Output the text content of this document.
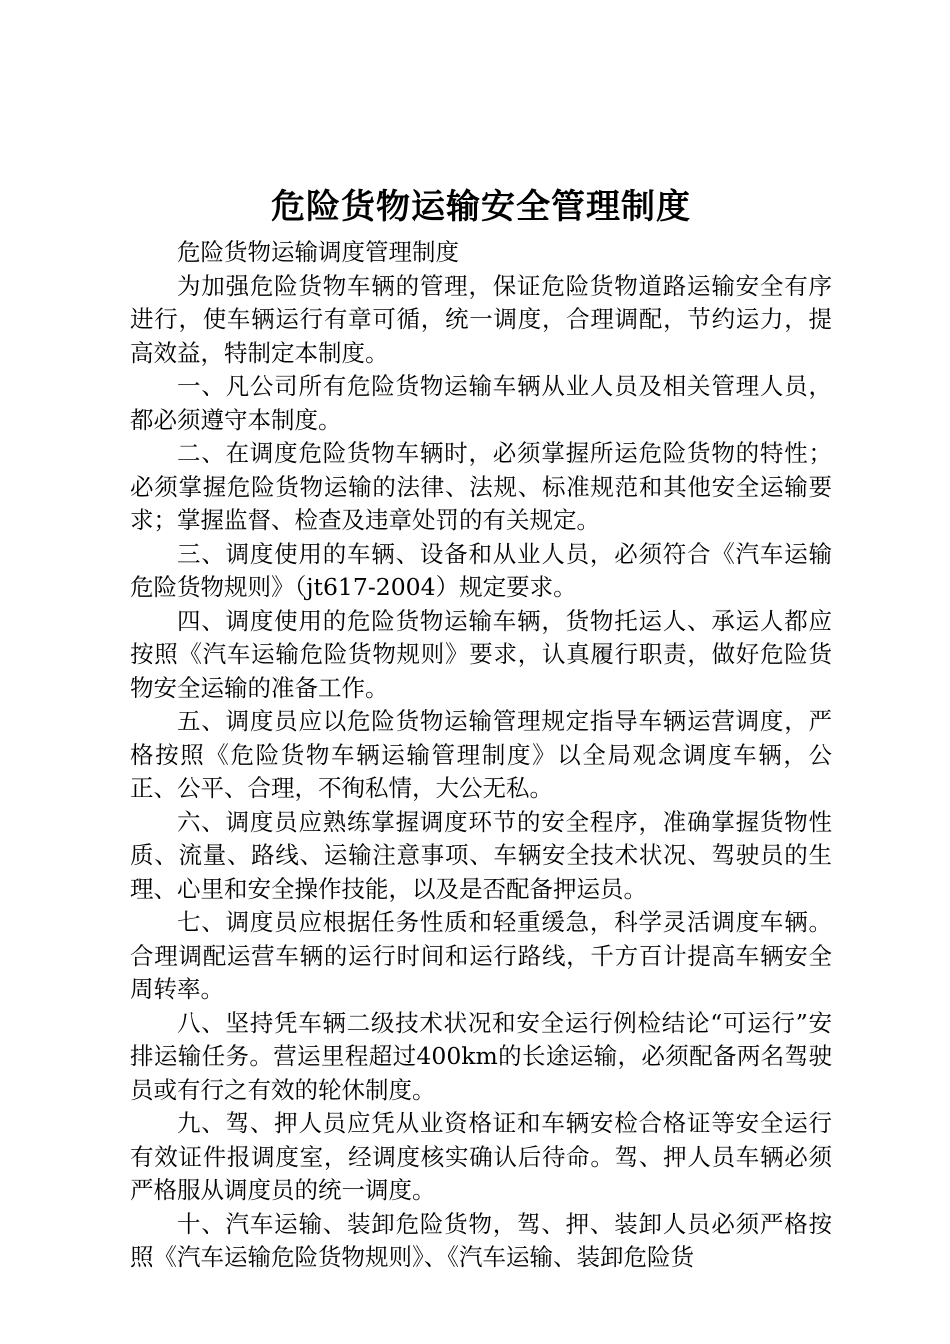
危险货物运输安全管理制度

危险货物运输调度管理制度

为加强危险货物车辆的管理，保证危险货物道路运输安全有序进行，使车辆运行有章可循，统一调度，合理调配，节约运力，提高效益，特制定本制度。

一、凡公司所有危险货物运输车辆从业人员及相关管理人员，都必须遵守本制度。

二、在调度危险货物车辆时，必须掌握所运危险货物的特性；必须掌握危险货物运输的法律、法规、标准规范和其他安全运输要求；掌握监督、检查及违章处罚的有关规定。

三、调度使用的车辆、设备和从业人员，必须符合《汽车运输危险货物规则》（jt617-2004）规定要求。

四、调度使用的危险货物运输车辆，货物托运人、承运人都应按照《汽车运输危险货物规则》要求，认真履行职责，做好危险货物安全运输的准备工作。

五、调度员应以危险货物运输管理规定指导车辆运营调度，严格按照《危险货物车辆运输管理制度》以全局观念调度车辆，公正、公平、合理，不徇私情，大公无私。

六、调度员应熟练掌握调度环节的安全程序，准确掌握货物性质、流量、路线、运输注意事项、车辆安全技术状况、驾驶员的生理、心里和安全操作技能，以及是否配备押运员。

七、调度员应根据任务性质和轻重缓急，科学灵活调度车辆。合理调配运营车辆的运行时间和运行路线，千方百计提高车辆安全周转率。

八、坚持凭车辆二级技术状况和安全运行例检结论“可运行”安排运输任务。营运里程超过400km的长途运输，必须配备两名驾驶员或有行之有效的轮休制度。

九、驾、押人员应凭从业资格证和车辆安检合格证等安全运行有效证件报调度室，经调度核实确认后待命。驾、押人员车辆必须严格服从调度员的统一调度。

十、汽车运输、装卸危险货物，驾、押、装卸人员必须严格按照《汽车运输危险货物规则》、《汽车运输、装卸危险货
